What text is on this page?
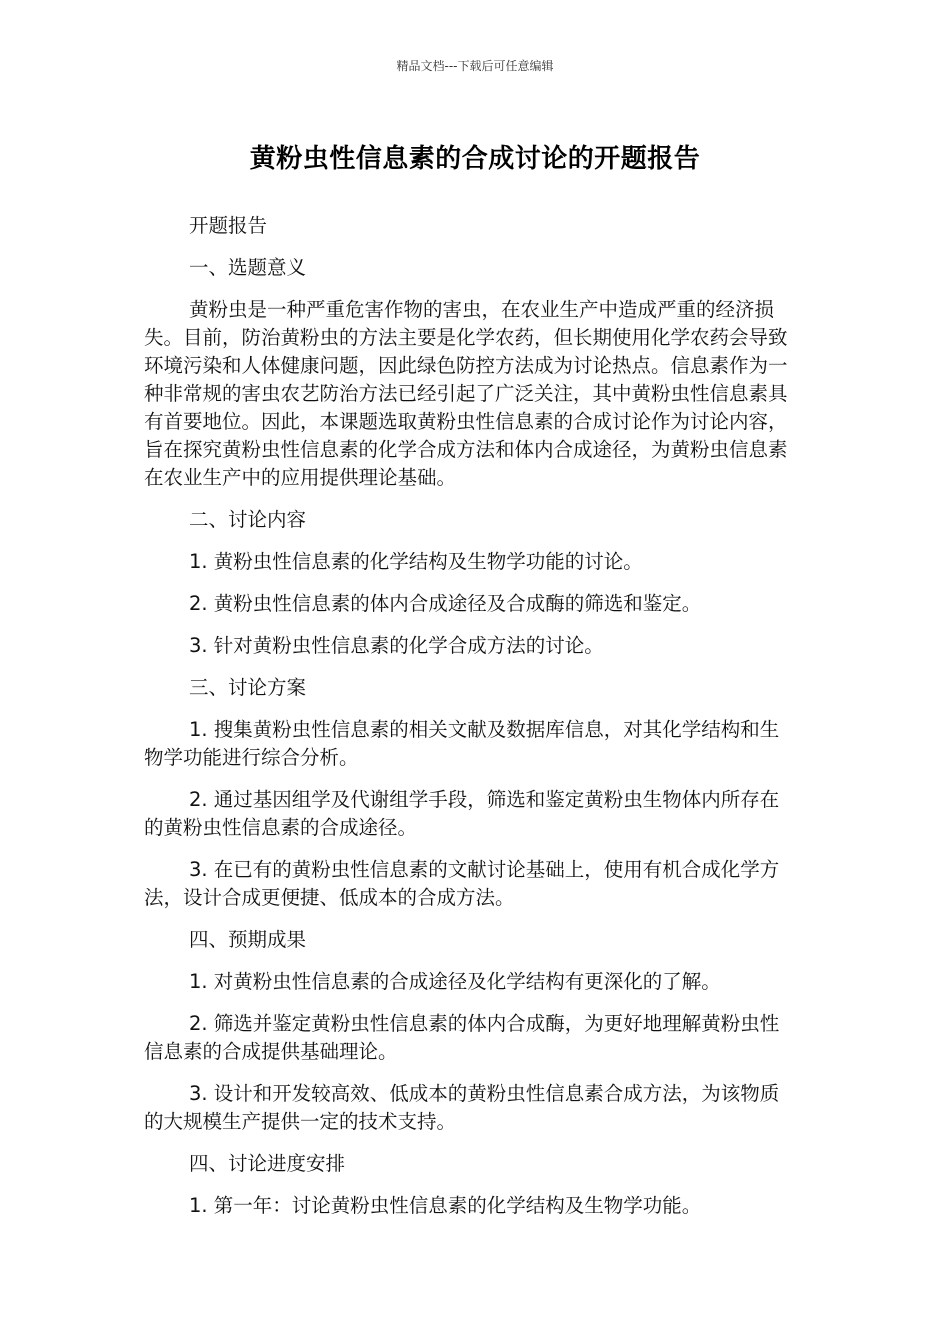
精品文档---下载后可任意编辑
黄粉虫性信息素的合成讨论的开题报告

开题报告

一、选题意义

黄粉虫是一种严重危害作物的害虫，在农业生产中造成严重的经济损失。目前，防治黄粉虫的方法主要是化学农药，但长期使用化学农药会导致环境污染和人体健康问题，因此绿色防控方法成为讨论热点。信息素作为一种非常规的害虫农艺防治方法已经引起了广泛关注，其中黄粉虫性信息素具有首要地位。因此，本课题选取黄粉虫性信息素的合成讨论作为讨论内容，旨在探究黄粉虫性信息素的化学合成方法和体内合成途径，为黄粉虫信息素在农业生产中的应用提供理论基础。

二、讨论内容

1. 黄粉虫性信息素的化学结构及生物学功能的讨论。

2. 黄粉虫性信息素的体内合成途径及合成酶的筛选和鉴定。

3. 针对黄粉虫性信息素的化学合成方法的讨论。

三、讨论方案

1. 搜集黄粉虫性信息素的相关文献及数据库信息，对其化学结构和生物学功能进行综合分析。

2. 通过基因组学及代谢组学手段，筛选和鉴定黄粉虫生物体内所存在的黄粉虫性信息素的合成途径。

3. 在已有的黄粉虫性信息素的文献讨论基础上，使用有机合成化学方法，设计合成更便捷、低成本的合成方法。

四、预期成果

1. 对黄粉虫性信息素的合成途径及化学结构有更深化的了解。

2. 筛选并鉴定黄粉虫性信息素的体内合成酶，为更好地理解黄粉虫性信息素的合成提供基础理论。

3. 设计和开发较高效、低成本的黄粉虫性信息素合成方法，为该物质的大规模生产提供一定的技术支持。

四、讨论进度安排

1. 第一年：讨论黄粉虫性信息素的化学结构及生物学功能。
